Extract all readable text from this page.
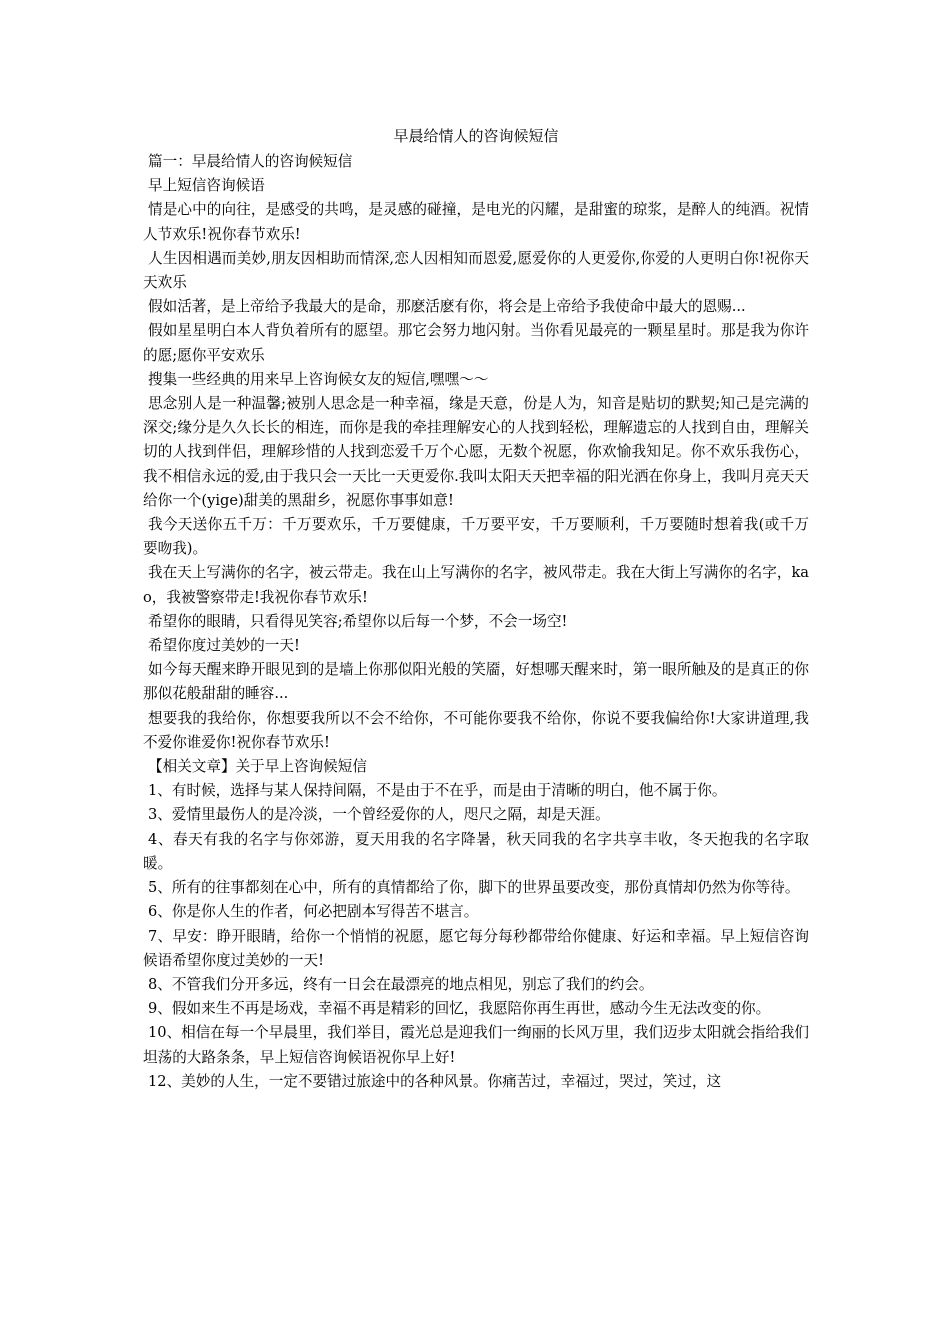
早晨给情人的咨询候短信

篇一：早晨给情人的咨询候短信

早上短信咨询候语

情是心中的向往，是感受的共鸣，是灵感的碰撞，是电光的闪耀，是甜蜜的琼浆，是醉人的纯酒。祝情人节欢乐!祝你春节欢乐!

人生因相遇而美妙,朋友因相助而情深,恋人因相知而恩爱,愿爱你的人更爱你,你爱的人更明白你!祝你天天欢乐

假如活著，是上帝给予我最大的是命，那麽活麽有你，将会是上帝给予我使命中最大的恩赐...

假如星星明白本人背负着所有的愿望。那它会努力地闪射。当你看见最亮的一颗星星时。那是我为你许的愿;愿你平安欢乐

搜集一些经典的用来早上咨询候女友的短信,嘿嘿～～

思念别人是一种温馨;被别人思念是一种幸福，缘是天意，份是人为，知音是贴切的默契;知己是完满的深交;缘分是久久长长的相连，而你是我的牵挂理解安心的人找到轻松，理解遗忘的人找到自由，理解关切的人找到伴侣，理解珍惜的人找到恋爱千万个心愿，无数个祝愿，你欢愉我知足。你不欢乐我伤心，我不相信永远的爱,由于我只会一天比一天更爱你.我叫太阳天天把幸福的阳光洒在你身上，我叫月亮天天给你一个(yige)甜美的黑甜乡，祝愿你事事如意!

我今天送你五千万：千万要欢乐，千万要健康，千万要平安，千万要顺利，千万要随时想着我(或千万要吻我)。

我在天上写满你的名字，被云带走。我在山上写满你的名字，被风带走。我在大街上写满你的名字，kao，我被警察带走!我祝你春节欢乐!

希望你的眼睛，只看得见笑容;希望你以后每一个梦，不会一场空!

希望你度过美妙的一天!

如今每天醒来睁开眼见到的是墙上你那似阳光般的笑靥，好想哪天醒来时，第一眼所触及的是真正的你那似花般甜甜的睡容...

想要我的我给你，你想要我所以不会不给你，不可能你要我不给你，你说不要我偏给你!大家讲道理,我不爱你谁爱你!祝你春节欢乐!

【相关文章】关于早上咨询候短信

1、有时候，选择与某人保持间隔，不是由于不在乎，而是由于清晰的明白，他不属于你。

3、爱情里最伤人的是冷淡，一个曾经爱你的人，咫尺之隔，却是天涯。

4、春天有我的名字与你郊游，夏天用我的名字降暑，秋天同我的名字共享丰收，冬天抱我的名字取暖。

5、所有的往事都刻在心中，所有的真情都给了你，脚下的世界虽要改变，那份真情却仍然为你等待。

6、你是你人生的作者，何必把剧本写得苦不堪言。

7、早安：睁开眼睛，给你一个悄悄的祝愿，愿它每分每秒都带给你健康、好运和幸福。早上短信咨询候语希望你度过美妙的一天!

8、不管我们分开多远，终有一日会在最漂亮的地点相见，别忘了我们的约会。

9、假如来生不再是场戏，幸福不再是精彩的回忆，我愿陪你再生再世，感动今生无法改变的你。

10、相信在每一个早晨里，我们举目，霞光总是迎我们一绚丽的长风万里，我们迈步太阳就会指给我们坦荡的大路条条，早上短信咨询候语祝你早上好!

12、美妙的人生，一定不要错过旅途中的各种风景。你痛苦过，幸福过，哭过，笑过，这
